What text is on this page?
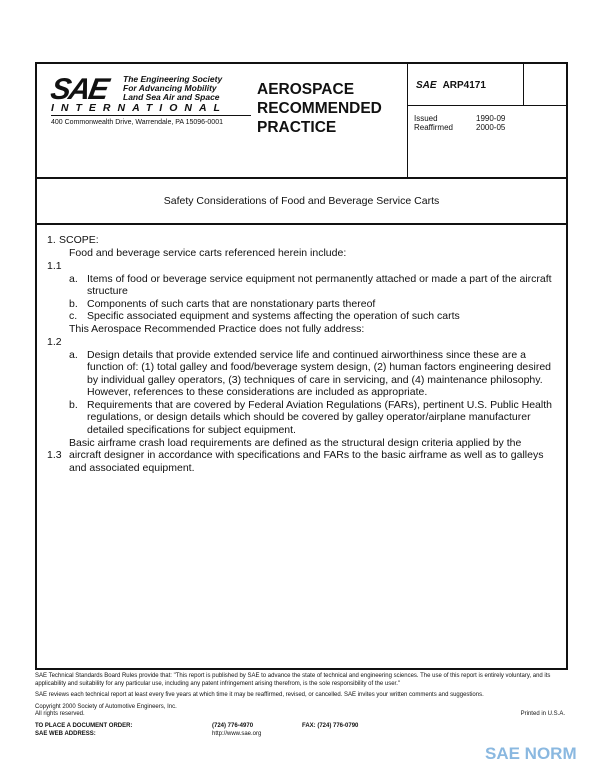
SAE The Engineering Society
For Advancing Mobility
Land Sea Air and Space
INTERNATIONAL
400 Commonwealth Drive, Warrendale, PA 15096-0001
AEROSPACE
RECOMMENDED
PRACTICE
SAE ARP4171
Issued	1990-09
Reaffirmed	2000-05
Safety Considerations of Food and Beverage Service Carts

1. SCOPE:

1.1

Food and beverage service carts referenced herein include:

a. Items of food or beverage service equipment not permanently attached or made a part of the aircraft structure
b. Components of such carts that are nonstationary parts thereof
c. Specific associated equipment and systems affecting the operation of such carts

1.2

This Aerospace Recommended Practice does not fully address:

a. Design details that provide extended service life and continued airworthiness since these are a function of: (1) total galley and food/beverage system design, (2) human factors engineering desired by individual galley operators, (3) techniques of care in servicing, and (4) maintenance philosophy. However, references to these considerations are included as appropriate.
b. Requirements that are covered by Federal Aviation Regulations (FARs), pertinent U.S. Public Health regulations, or design details which should be covered by galley operator/airplane manufacturer detailed specifications for subject equipment.

1.3

Basic airframe crash load requirements are defined as the structural design criteria applied by the aircraft designer in accordance with specifications and FARs to the basic airframe as well as to galleys and associated equipment.

SAE Technical Standards Board Rules provide that: "This report is published by SAE to advance the state of technical and engineering sciences. The use of this report is entirely voluntary, and its applicability and suitability for any particular use, including any patent infringement arising therefrom, is the sole responsibility of the user."

SAE reviews each technical report at least every five years at which time it may be reaffirmed, revised, or cancelled. SAE invites your written comments and suggestions.

Copyright 2000 Society of Automotive Engineers, Inc.

All rights reserved.	Printed in U.S.A.

TO PLACE A DOCUMENT ORDER:	(724) 776-4970	FAX: (724) 776-0790
SAE WEB ADDRESS:	http://www.sae.org
SAE NORM
